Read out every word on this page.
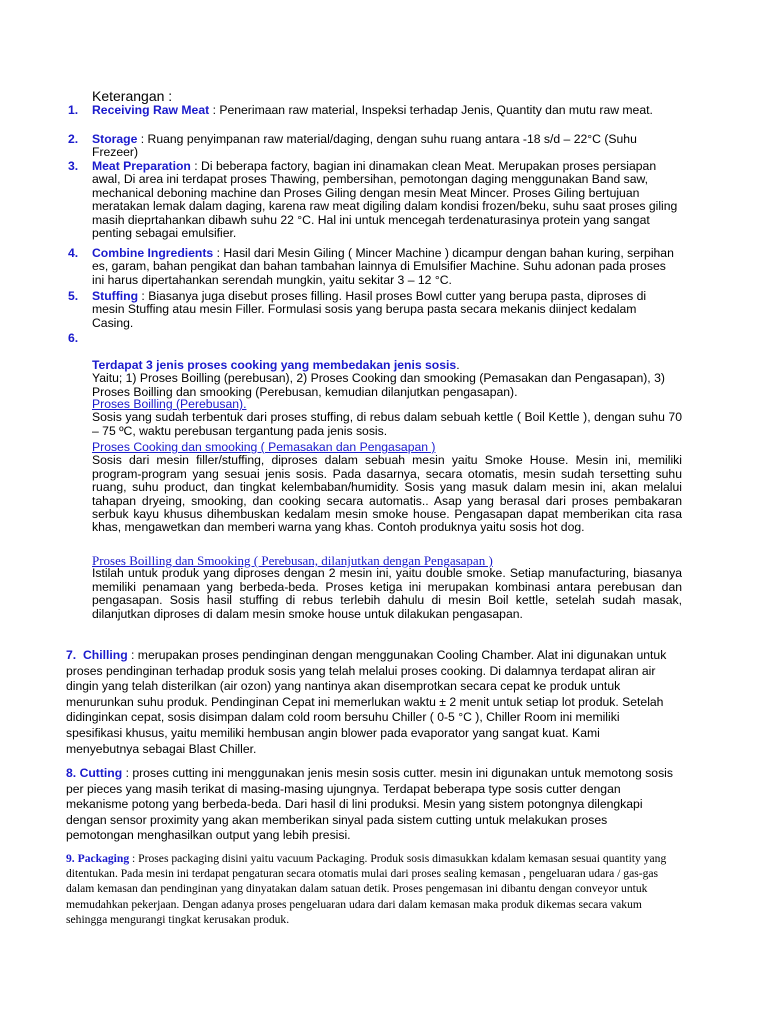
Keterangan :
1. Receiving Raw Meat : Penerimaan raw material, Inspeksi terhadap Jenis, Quantity dan mutu raw meat.
2. Storage : Ruang penyimpanan raw material/daging, dengan suhu ruang antara -18 s/d – 22°C (Suhu Frezeer)
3. Meat Preparation : Di beberapa factory, bagian ini dinamakan clean Meat. Merupakan proses persiapan awal, Di area ini terdapat proses Thawing, pembersihan, pemotongan daging menggunakan Band saw, mechanical deboning machine dan Proses Giling dengan mesin Meat Mincer. Proses Giling bertujuan meratakan lemak dalam daging, karena raw meat digiling dalam kondisi frozen/beku, suhu saat proses giling masih dieprtahankan dibawh suhu 22 °C. Hal ini untuk mencegah terdenaturasinya protein yang sangat penting sebagai emulsifier.
4. Combine Ingredients : Hasil dari Mesin Giling ( Mincer Machine ) dicampur dengan bahan kuring, serpihan es, garam, bahan pengikat dan bahan tambahan lainnya di Emulsifier Machine. Suhu adonan pada proses ini harus dipertahankan serendah mungkin, yaitu sekitar 3 – 12 °C.
5. Stuffing : Biasanya juga disebut proses filling. Hasil proses Bowl cutter yang berupa pasta, diproses di mesin Stuffing atau mesin Filler. Formulasi sosis yang berupa pasta secara mekanis diinject kedalam Casing.

6.

Terdapat 3 jenis proses cooking yang membedakan jenis sosis.
Yaitu; 1) Proses Boilling (perebusan), 2) Proses Cooking dan smooking (Pemasakan dan Pengasapan), 3) Proses Boilling dan smooking (Perebusan, kemudian dilanjutkan pengasapan).

Proses Boilling (Perebusan).
Sosis yang sudah terbentuk dari proses stuffing, di rebus dalam sebuah kettle ( Boil Kettle ), dengan suhu 70 – 75 ºC, waktu perebusan tergantung pada jenis sosis.
Proses Cooking dan smooking ( Pemasakan dan Pengasapan )
Sosis dari mesin filler/stuffing, diproses dalam sebuah mesin yaitu Smoke House. Mesin ini, memiliki program-program yang sesuai jenis sosis. Pada dasarnya, secara otomatis, mesin sudah tersetting suhu ruang, suhu product, dan tingkat kelembaban/humidity. Sosis yang masuk dalam mesin ini, akan melalui tahapan dryeing, smooking, dan cooking secara automatis.. Asap yang berasal dari proses pembakaran serbuk kayu khusus dihembuskan kedalam mesin smoke house. Pengasapan dapat memberikan cita rasa khas, mengawetkan dan memberi warna yang khas. Contoh produknya yaitu sosis hot dog.
Proses Boilling dan Smooking ( Perebusan, dilanjutkan dengan Pengasapan )
Istilah untuk produk yang diproses dengan 2 mesin ini, yaitu double smoke. Setiap manufacturing, biasanya memiliki penamaan yang berbeda-beda. Proses ketiga ini merupakan kombinasi antara perebusan dan pengasapan. Sosis hasil stuffing di rebus terlebih dahulu di mesin Boil kettle, setelah sudah masak, dilanjutkan diproses di dalam mesin smoke house untuk dilakukan pengasapan.
7. Chilling : merupakan proses pendinginan dengan menggunakan Cooling Chamber. Alat ini digunakan untuk proses pendinginan terhadap produk sosis yang telah melalui proses cooking. Di dalamnya terdapat aliran air dingin yang telah disterilkan (air ozon) yang nantinya akan disemprotkan secara cepat ke produk untuk menurunkan suhu produk. Pendinginan Cepat ini memerlukan waktu ± 2 menit untuk setiap lot produk. Setelah didinginkan cepat, sosis disimpan dalam cold room bersuhu Chiller ( 0-5 °C ), Chiller Room ini memiliki spesifikasi khusus, yaitu memiliki hembusan angin blower pada evaporator yang sangat kuat. Kami menyebutnya sebagai Blast Chiller.
8. Cutting : proses cutting ini menggunakan jenis mesin sosis cutter. mesin ini digunakan untuk memotong sosis per pieces yang masih terikat di masing-masing ujungnya. Terdapat beberapa type sosis cutter dengan mekanisme potong yang berbeda-beda. Dari hasil di lini produksi. Mesin yang sistem potongnya dilengkapi dengan sensor proximity yang akan memberikan sinyal pada sistem cutting untuk melakukan proses pemotongan menghasilkan output yang lebih presisi.
9. Packaging : Proses packaging disini yaitu vacuum Packaging. Produk sosis dimasukkan kdalam kemasan sesuai quantity yang ditentukan. Pada mesin ini terdapat pengaturan secara otomatis mulai dari proses sealing kemasan , pengeluaran udara / gas-gas dalam kemasan dan pendinginan yang dinyatakan dalam satuan detik. Proses pengemasan ini dibantu dengan conveyor untuk memudahkan pekerjaan. Dengan adanya proses pengeluaran udara dari dalam kemasan maka produk dikemas secara vakum sehingga mengurangi tingkat kerusakan produk.
